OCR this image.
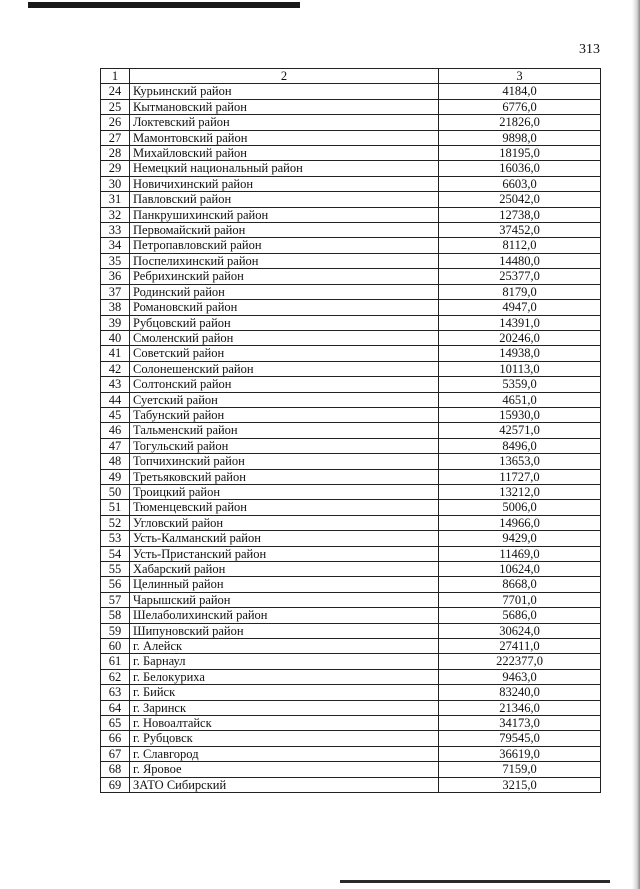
313
1	2	3
24	Курьинский район	4184,0
25	Кытмановский район	6776,0
26	Локтевский район	21826,0
27	Мамонтовский район	9898,0
28	Михайловский район	18195,0
29	Немецкий национальный район	16036,0
30	Новичихинский район	6603,0
31	Павловский район	25042,0
32	Панкрушихинский район	12738,0
33	Первомайский район	37452,0
34	Петропавловский район	8112,0
35	Поспелихинский район	14480,0
36	Ребрихинский район	25377,0
37	Родинский район	8179,0
38	Романовский район	4947,0
39	Рубцовский район	14391,0
40	Смоленский район	20246,0
41	Советский район	14938,0
42	Солонешенский район	10113,0
43	Солтонский район	5359,0
44	Суетский район	4651,0
45	Табунский район	15930,0
46	Тальменский район	42571,0
47	Тогульский район	8496,0
48	Топчихинский район	13653,0
49	Третьяковский район	11727,0
50	Троицкий район	13212,0
51	Тюменцевский район	5006,0
52	Угловский район	14966,0
53	Усть-Калманский район	9429,0
54	Усть-Пристанский район	11469,0
55	Хабарский район	10624,0
56	Целинный район	8668,0
57	Чарышский район	7701,0
58	Шелаболихинский район	5686,0
59	Шипуновский район	30624,0
60	г. Алейск	27411,0
61	г. Барнаул	222377,0
62	г. Белокуриха	9463,0
63	г. Бийск	83240,0
64	г. Заринск	21346,0
65	г. Новоалтайск	34173,0
66	г. Рубцовск	79545,0
67	г. Славгород	36619,0
68	г. Яровое	7159,0
69	ЗАТО Сибирский	3215,0
